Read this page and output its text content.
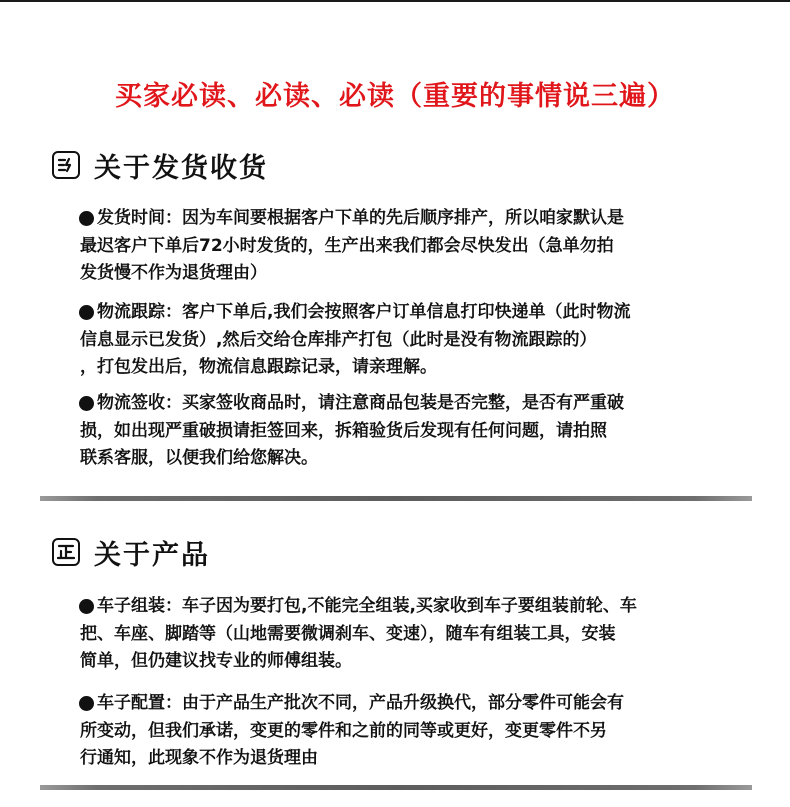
买家必读、必读、必读（重要的事情说三遍）
关于发货收货
发货时间：因为车间要根据客户下单的先后顺序排产，所以咱家默认是
最迟客户下单后72小时发货的，生产出来我们都会尽快发出（急单勿拍
发货慢不作为退货理由）
物流跟踪：客户下单后,我们会按照客户订单信息打印快递单（此时物流
信息显示已发货）,然后交给仓库排产打包（此时是没有物流跟踪的）
，打包发出后，物流信息跟踪记录，请亲理解。
物流签收：买家签收商品时，请注意商品包装是否完整，是否有严重破
损，如出现严重破损请拒签回来，拆箱验货后发现有任何问题，请拍照
联系客服，以便我们给您解决。
关于产品
车子组装：车子因为要打包,不能完全组装,买家收到车子要组装前轮、车
把、车座、脚踏等（山地需要微调刹车、变速），随车有组装工具，安装
简单，但仍建议找专业的师傅组装。
车子配置：由于产品生产批次不同，产品升级换代，部分零件可能会有
所变动，但我们承诺，变更的零件和之前的同等或更好，变更零件不另
行通知，此现象不作为退货理由
